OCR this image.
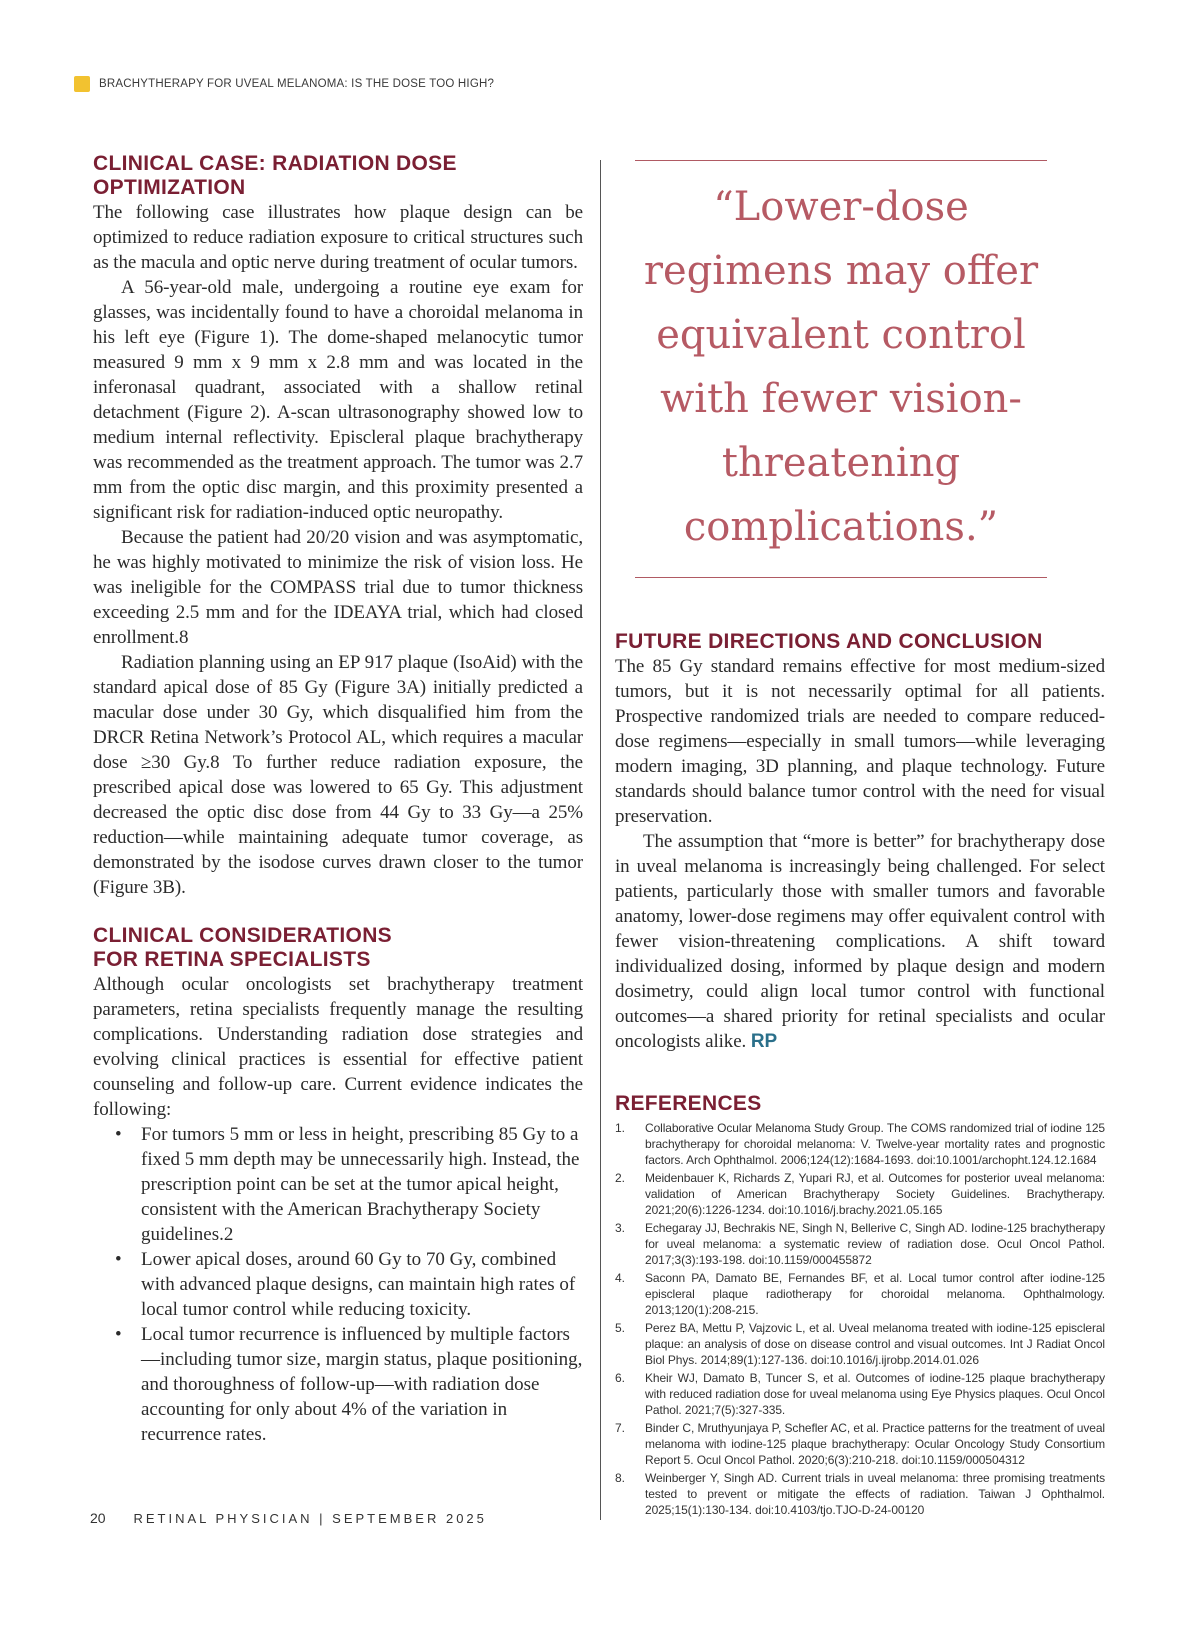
BRACHYTHERAPY FOR UVEAL MELANOMA: IS THE DOSE TOO HIGH?
CLINICAL CASE: RADIATION DOSE OPTIMIZATION

The following case illustrates how plaque design can be optimized to reduce radiation exposure to critical structures such as the macula and optic nerve during treatment of ocular tumors.

A 56-year-old male, undergoing a routine eye exam for glasses, was incidentally found to have a choroidal melanoma in his left eye (Figure 1). The dome-shaped melanocytic tumor measured 9 mm x 9 mm x 2.8 mm and was located in the inferonasal quadrant, associated with a shallow retinal detachment (Figure 2). A-scan ultrasonography showed low to medium internal reflectivity. Episcleral plaque brachytherapy was recommended as the treatment approach. The tumor was 2.7 mm from the optic disc margin, and this proximity presented a significant risk for radiation-induced optic neuropathy.

Because the patient had 20/20 vision and was asymptomatic, he was highly motivated to minimize the risk of vision loss. He was ineligible for the COMPASS trial due to tumor thickness exceeding 2.5 mm and for the IDEAYA trial, which had closed enrollment.8

Radiation planning using an EP 917 plaque (IsoAid) with the standard apical dose of 85 Gy (Figure 3A) initially predicted a macular dose under 30 Gy, which disqualified him from the DRCR Retina Network’s Protocol AL, which requires a macular dose ≥30 Gy.8 To further reduce radiation exposure, the prescribed apical dose was lowered to 65 Gy. This adjustment decreased the optic disc dose from 44 Gy to 33 Gy—a 25% reduction—while maintaining adequate tumor coverage, as demonstrated by the isodose curves drawn closer to the tumor (Figure 3B).

CLINICAL CONSIDERATIONS
FOR RETINA SPECIALISTS

Although ocular oncologists set brachytherapy treatment parameters, retina specialists frequently manage the resulting complications. Understanding radiation dose strategies and evolving clinical practices is essential for effective patient counseling and follow-up care. Current evidence indicates the following:

• For tumors 5 mm or less in height, prescribing 85 Gy to a fixed 5 mm depth may be unnecessarily high. Instead, the prescription point can be set at the tumor apical height, consistent with the American Brachytherapy Society guidelines.2
• Lower apical doses, around 60 Gy to 70 Gy, combined with advanced plaque designs, can maintain high rates of local tumor control while reducing toxicity.
• Local tumor recurrence is influenced by multiple factors—including tumor size, margin status, plaque positioning, and thoroughness of follow-up—with radiation dose accounting for only about 4% of the variation in recurrence rates.
“Lower-dose regimens may offer equivalent control with fewer vision-threatening complications.”
FUTURE DIRECTIONS AND CONCLUSION

The 85 Gy standard remains effective for most medium-sized tumors, but it is not necessarily optimal for all patients. Prospective randomized trials are needed to compare reduced-dose regimens—especially in small tumors—while leveraging modern imaging, 3D planning, and plaque technology. Future standards should balance tumor control with the need for visual preservation.

The assumption that “more is better” for brachytherapy dose in uveal melanoma is increasingly being challenged. For select patients, particularly those with smaller tumors and favorable anatomy, lower-dose regimens may offer equivalent control with fewer vision-threatening complications. A shift toward individualized dosing, informed by plaque design and modern dosimetry, could align local tumor control with functional outcomes—a shared priority for retinal specialists and ocular oncologists alike. RP

REFERENCES

1. Collaborative Ocular Melanoma Study Group. The COMS randomized trial of iodine 125 brachytherapy for choroidal melanoma: V. Twelve-year mortality rates and prognostic factors. Arch Ophthalmol. 2006;124(12):1684-1693. doi:10.1001/archopht.124.12.1684

2. Meidenbauer K, Richards Z, Yupari RJ, et al. Outcomes for posterior uveal melanoma: validation of American Brachytherapy Society Guidelines. Brachytherapy. 2021;20(6):1226-1234. doi:10.1016/j.brachy.2021.05.165

3. Echegaray JJ, Bechrakis NE, Singh N, Bellerive C, Singh AD. Iodine-125 brachytherapy for uveal melanoma: a systematic review of radiation dose. Ocul Oncol Pathol. 2017;3(3):193-198. doi:10.1159/000455872

4. Saconn PA, Damato BE, Fernandes BF, et al. Local tumor control after iodine-125 episcleral plaque radiotherapy for choroidal melanoma. Ophthalmology. 2013;120(1):208-215.

5. Perez BA, Mettu P, Vajzovic L, et al. Uveal melanoma treated with iodine-125 episcleral plaque: an analysis of dose on disease control and visual outcomes. Int J Radiat Oncol Biol Phys. 2014;89(1):127-136. doi:10.1016/j.ijrobp.2014.01.026

6. Kheir WJ, Damato B, Tuncer S, et al. Outcomes of iodine-125 plaque brachytherapy with reduced radiation dose for uveal melanoma using Eye Physics plaques. Ocul Oncol Pathol. 2021;7(5):327-335.

7. Binder C, Mruthyunjaya P, Schefler AC, et al. Practice patterns for the treatment of uveal melanoma with iodine-125 plaque brachytherapy: Ocular Oncology Study Consortium Report 5. Ocul Oncol Pathol. 2020;6(3):210-218. doi:10.1159/000504312

8. Weinberger Y, Singh AD. Current trials in uveal melanoma: three promising treatments tested to prevent or mitigate the effects of radiation. Taiwan J Ophthalmol. 2025;15(1):130-134. doi:10.4103/tjo.TJO-D-24-00120

20 RETINAL PHYSICIAN | SEPTEMBER 2025
